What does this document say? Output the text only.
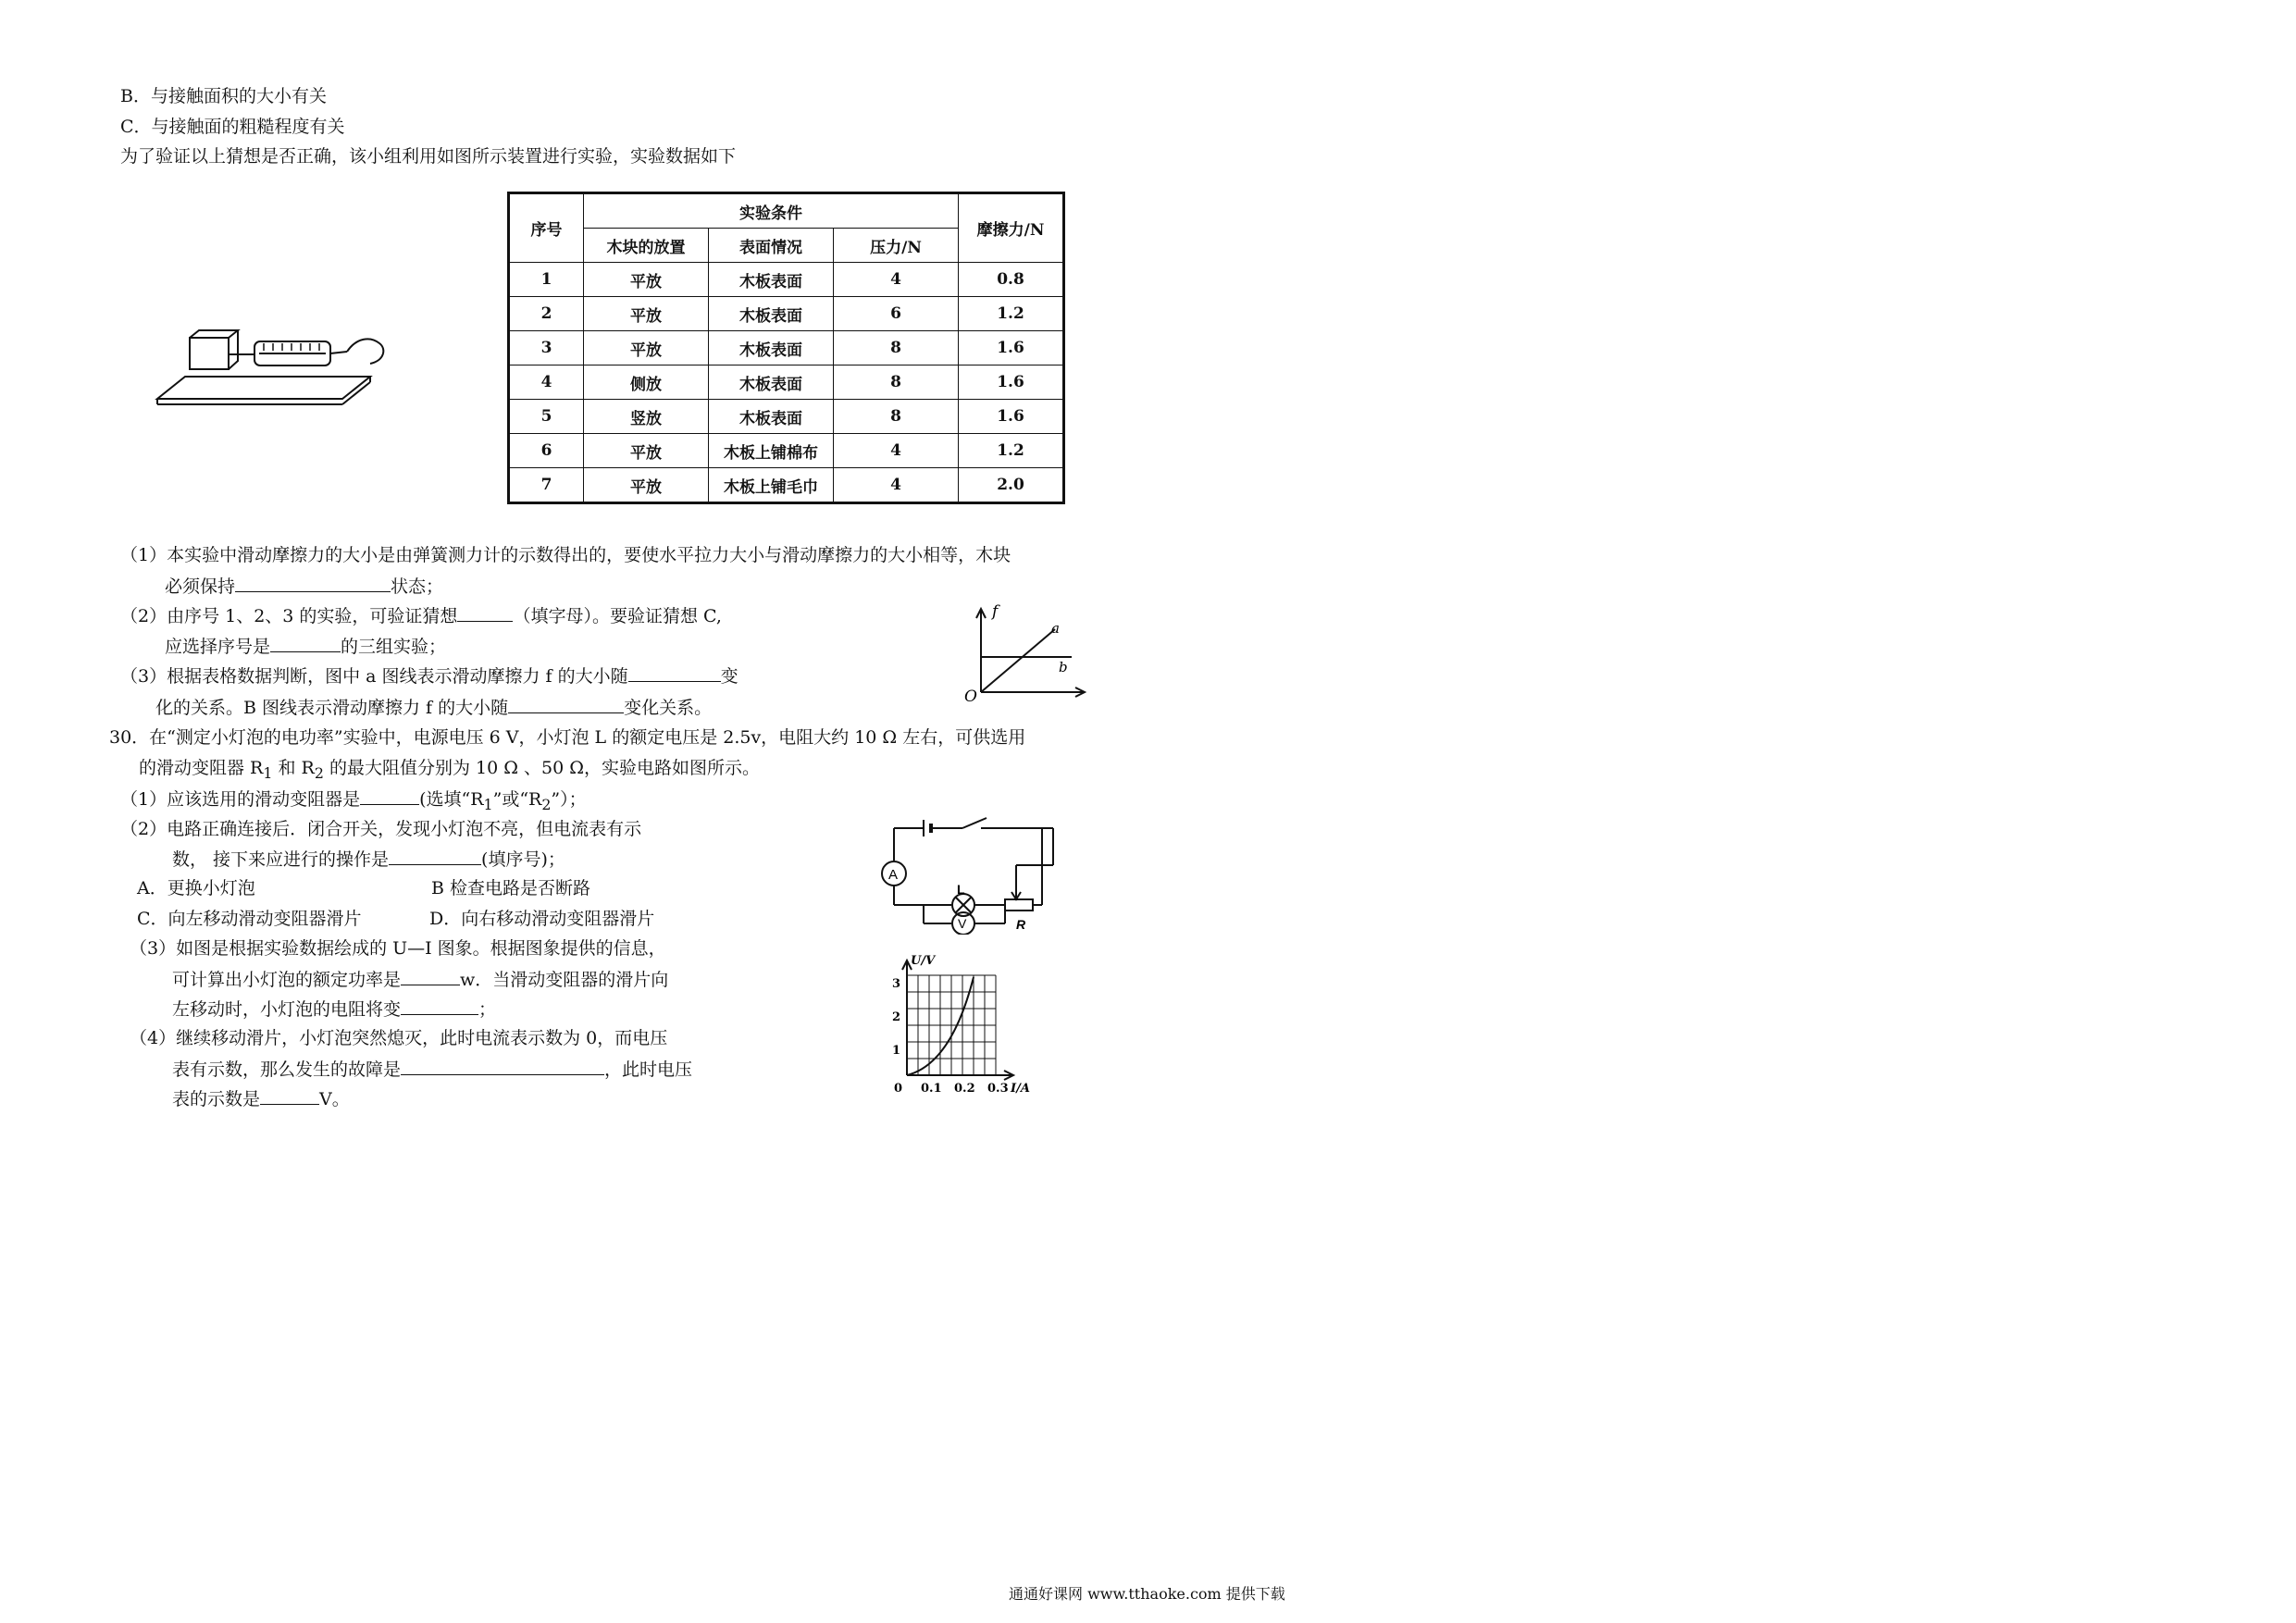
B．与接触面积的大小有关
C．与接触面的粗糙程度有关
为了验证以上猜想是否正确，该小组利用如图所示装置进行实验，实验数据如下
序号	实验条件			摩擦力/N
	木块的放置	表面情况	压力/N	
1	平放	木板表面	4	0.8
2	平放	木板表面	6	1.2
3	平放	木板表面	8	1.6
4	侧放	木板表面	8	1.6
5	竖放	木板表面	8	1.6
6	平放	木板上铺棉布	4	1.2
7	平放	木板上铺毛巾	4	2.0
（1）本实验中滑动摩擦力的大小是由弹簧测力计的示数得出的，要使水平拉力大小与滑动摩擦力的大小相等，木块
必须保持	状态；
（2）由序号 1、2、3 的实验，可验证猜想	（填字母）。要验证猜想 C,
应选择序号是	的三组实验；
（3）根据表格数据判断，图中 a 图线表示滑动摩擦力 f 的大小随	变
化的关系。B 图线表示滑动摩擦力 f 的大小随	变化关系。
f
O
a
b
30．在“测定小灯泡的电功率”实验中，电源电压 6 V，小灯泡 L 的额定电压是 2.5v，电阻大约 10 Ω 左右，可供选用
的滑动变阻器 $R_1$ 和 $R_2$ 的最大阻值分别为 10 Ω 、50 Ω，实验电路如图所示。
（1）应该选用的滑动变阻器是	(选填“$R_1$”或“$R_2$”）；
（2）电路正确连接后．闭合开关，发现小灯泡不亮，但电流表有示
数， 接下来应进行的操作是	(填序号)；
A．更换小灯泡	B 检查电路是否断路
C．向左移动滑动变阻器滑片	D．向右移动滑动变阻器滑片
（3）如图是根据实验数据绘成的 U—I 图象。根据图象提供的信息，
可计算出小灯泡的额定功率是	w．当滑动变阻器的滑片向
左移动时，小灯泡的电阻将变	；
（4）继续移动滑片，小灯泡突然熄灭，此时电流表示数为 0，而电压
表有示数，那么发生的故障是	，此时电压
表的示数是	V。
A
L
R
V
U/V
3
2
1
0 0.1 0.2 0.3 I/A
通通好课网 www.tthaoke.com 提供下载
